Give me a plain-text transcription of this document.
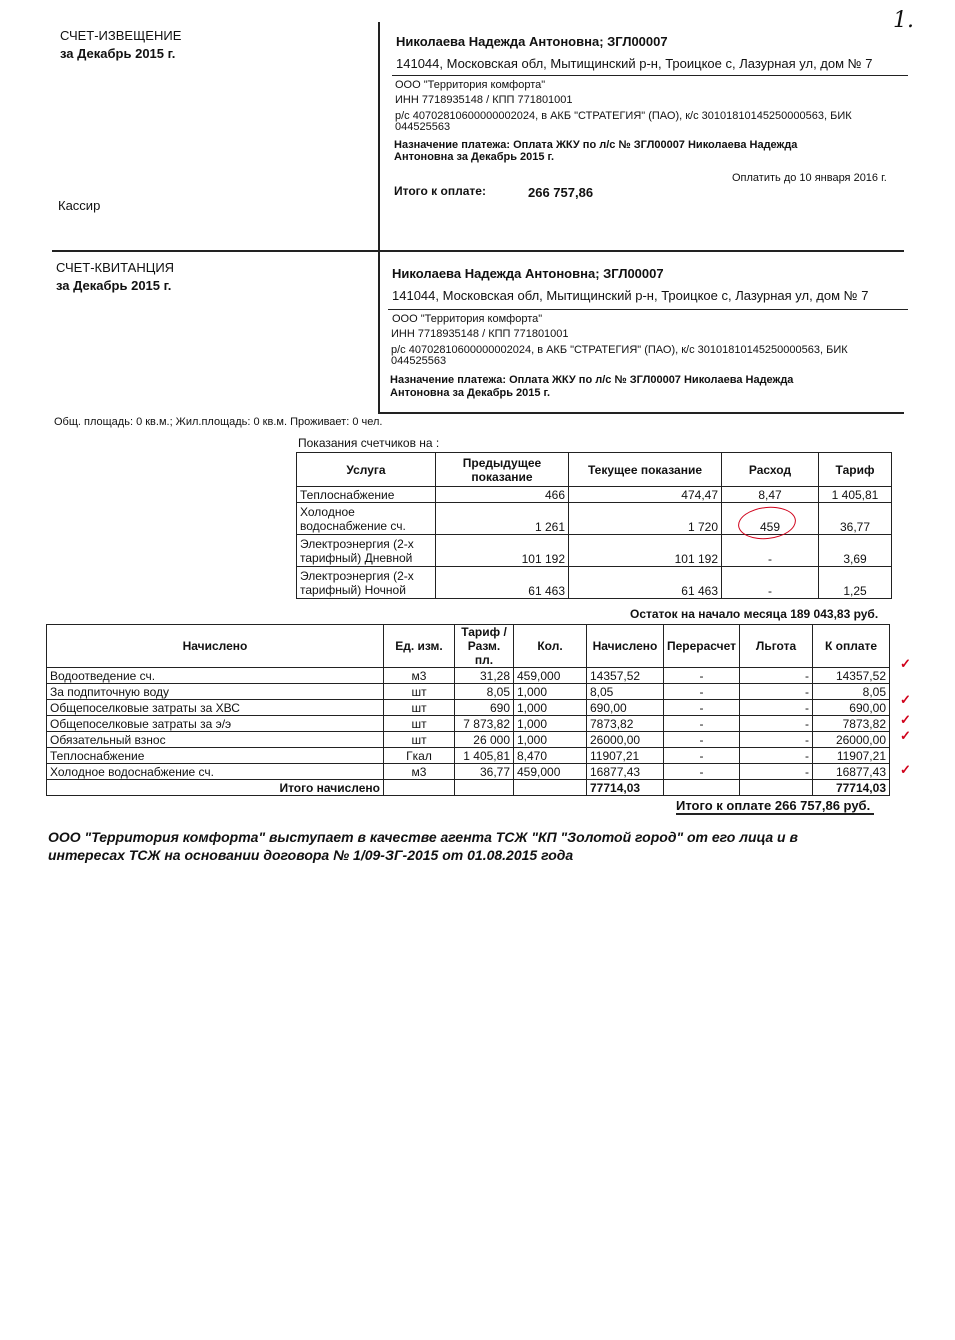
1.
СЧЕТ-ИЗВЕЩЕНИЕ
за Декабрь 2015 г.
Кассир
Николаева Надежда Антоновна; ЗГЛ00007
141044, Московская обл, Мытищинский р-н, Троицкое с, Лазурная ул, дом № 7
ООО "Территория комфорта"
ИНН 7718935148 / КПП 771801001
р/с 40702810600000002024, в АКБ "СТРАТЕГИЯ" (ПАО), к/с 30101810145250000563, БИК
044525563
Назначение платежа: Оплата ЖКУ по л/с № ЗГЛ00007 Николаева Надежда
Антоновна за Декабрь 2015 г.
Оплатить до 10 января 2016 г.
Итого к оплате:	266 757,86
СЧЕТ-КВИТАНЦИЯ
за Декабрь 2015 г.
Николаева Надежда Антоновна; ЗГЛ00007
141044, Московская обл, Мытищинский р-н, Троицкое с, Лазурная ул, дом № 7
ООО "Территория комфорта"
ИНН 7718935148 / КПП 771801001
р/с 40702810600000002024, в АКБ "СТРАТЕГИЯ" (ПАО), к/с 30101810145250000563, БИК
044525563
Назначение платежа: Оплата ЖКУ по л/с № ЗГЛ00007 Николаева Надежда
Антоновна за Декабрь 2015 г.
Общ. площадь: 0 кв.м.; Жил.площадь: 0 кв.м. Проживает: 0 чел.
Показания счетчиков на :
Услуга	Предыдущее показание	Текущее показание	Расход	Тариф
Теплоснабжение	466	474,47	8,47	1 405,81
Холодное водоснабжение сч.	1 261	1 720	459	36,77
Электроэнергия (2-х тарифный) Дневной	101 192	101 192	-	3,69
Электроэнергия (2-х тарифный) Ночной	61 463	61 463	-	1,25
Остаток на начало месяца 189 043,83 руб.
Начислено	Ед. изм.	Тариф / Разм. пл.	Кол.	Начислено	Перерасчет	Льгота	К оплате
Водоотведение сч.	м3	31,28	459,000	14357,52	-	-	14357,52
За подпиточную воду	шт	8,05	1,000	8,05	-	-	8,05
Общепоселковые затраты за ХВС	шт	690	1,000	690,00	-	-	690,00
Общепоселковые затраты за э/э	шт	7 873,82	1,000	7873,82	-	-	7873,82
Обязательный взнос	шт	26 000	1,000	26000,00	-	-	26000,00
Теплоснабжение	Гкал	1 405,81	8,470	11907,21	-	-	11907,21
Холодное водоснабжение сч.	м3	36,77	459,000	16877,43	-	-	16877,43
Итого начислено				77714,03			77714,03
Итого к оплате 266 757,86 руб.
✓
✓
✓
✓
✓
ООО "Территория комфорта" выступает в качестве агента ТСЖ "КП "Золотой город" от его лица и в
интересах ТСЖ на основании договора № 1/09-ЗГ-2015 от 01.08.2015 года
